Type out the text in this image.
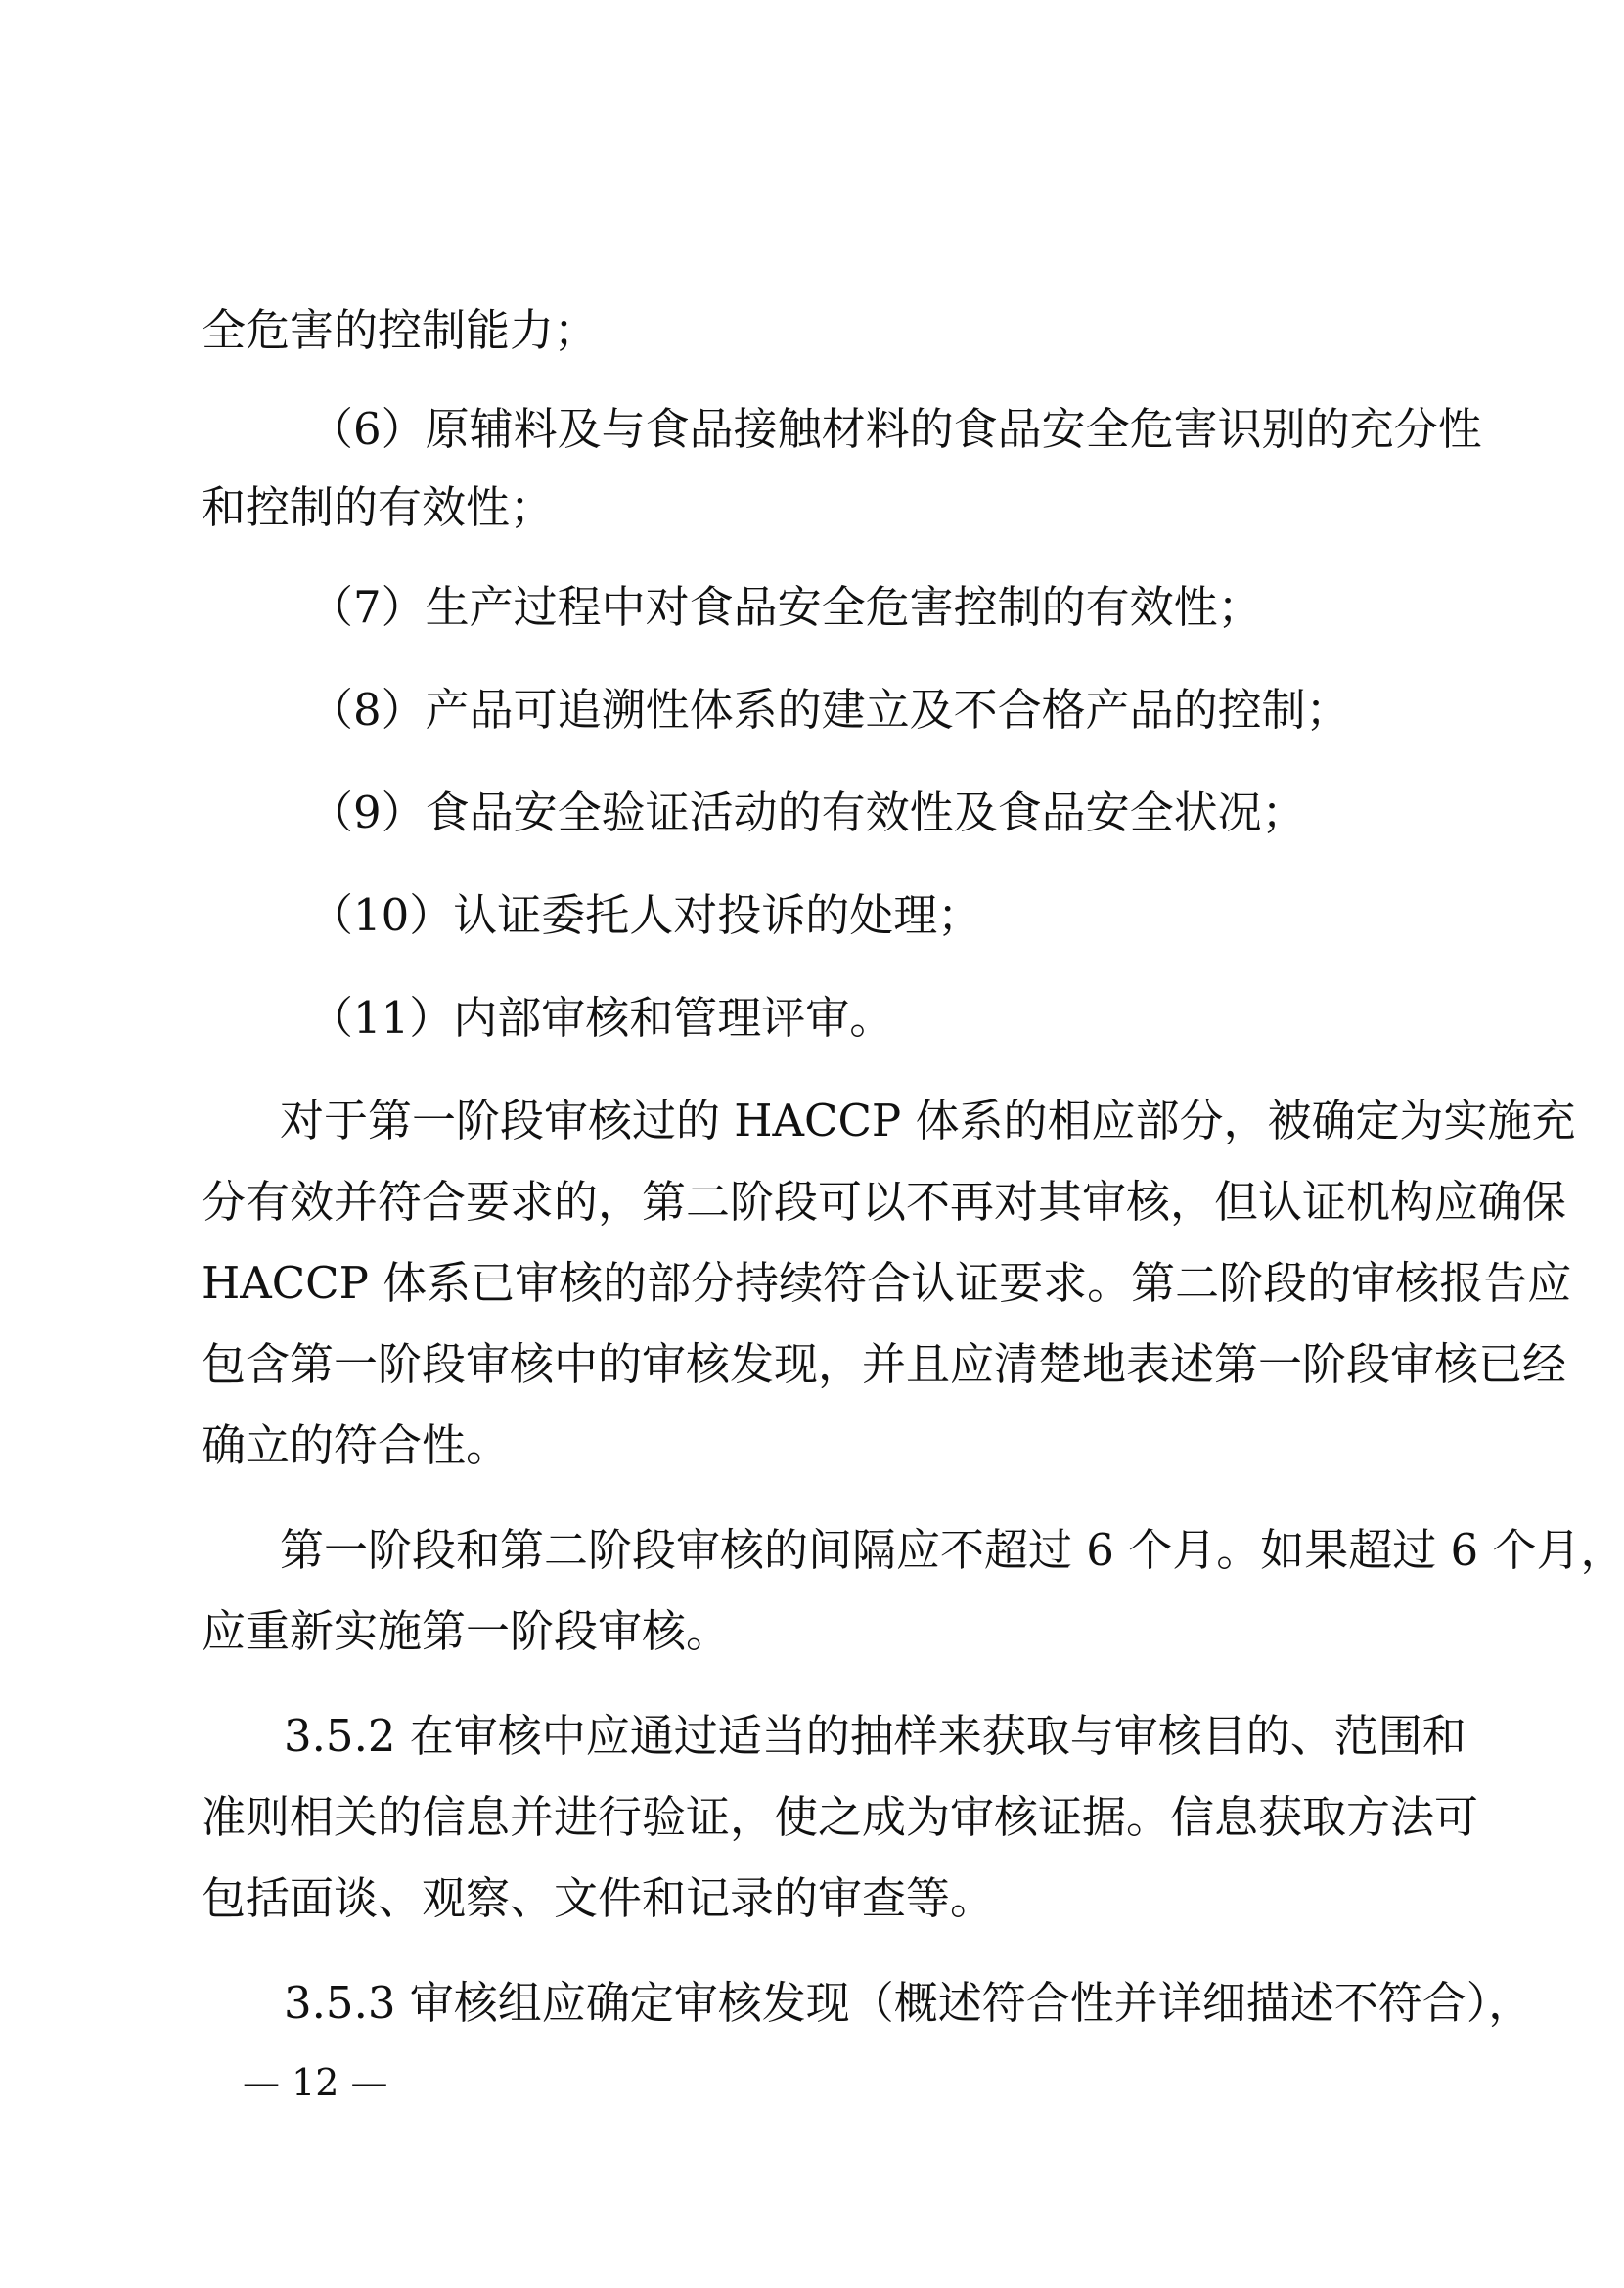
全危害的控制能力；
（6）原辅料及与食品接触材料的食品安全危害识别的充分性
和控制的有效性；
（7）生产过程中对食品安全危害控制的有效性；
（8）产品可追溯性体系的建立及不合格产品的控制；
（9）食品安全验证活动的有效性及食品安全状况；
（10）认证委托人对投诉的处理；
（11）内部审核和管理评审。
对于第一阶段审核过的 HACCP 体系的相应部分，被确定为实施充
分有效并符合要求的，第二阶段可以不再对其审核，但认证机构应确保
HACCP 体系已审核的部分持续符合认证要求。第二阶段的审核报告应
包含第一阶段审核中的审核发现，并且应清楚地表述第一阶段审核已经
确立的符合性。
第一阶段和第二阶段审核的间隔应不超过 6 个月。如果超过 6 个月，
应重新实施第一阶段审核。
3.5.2 在审核中应通过适当的抽样来获取与审核目的、范围和
准则相关的信息并进行验证，使之成为审核证据。信息获取方法可
包括面谈、观察、文件和记录的审查等。
3.5.3 审核组应确定审核发现（概述符合性并详细描述不符合），
— 12 —
